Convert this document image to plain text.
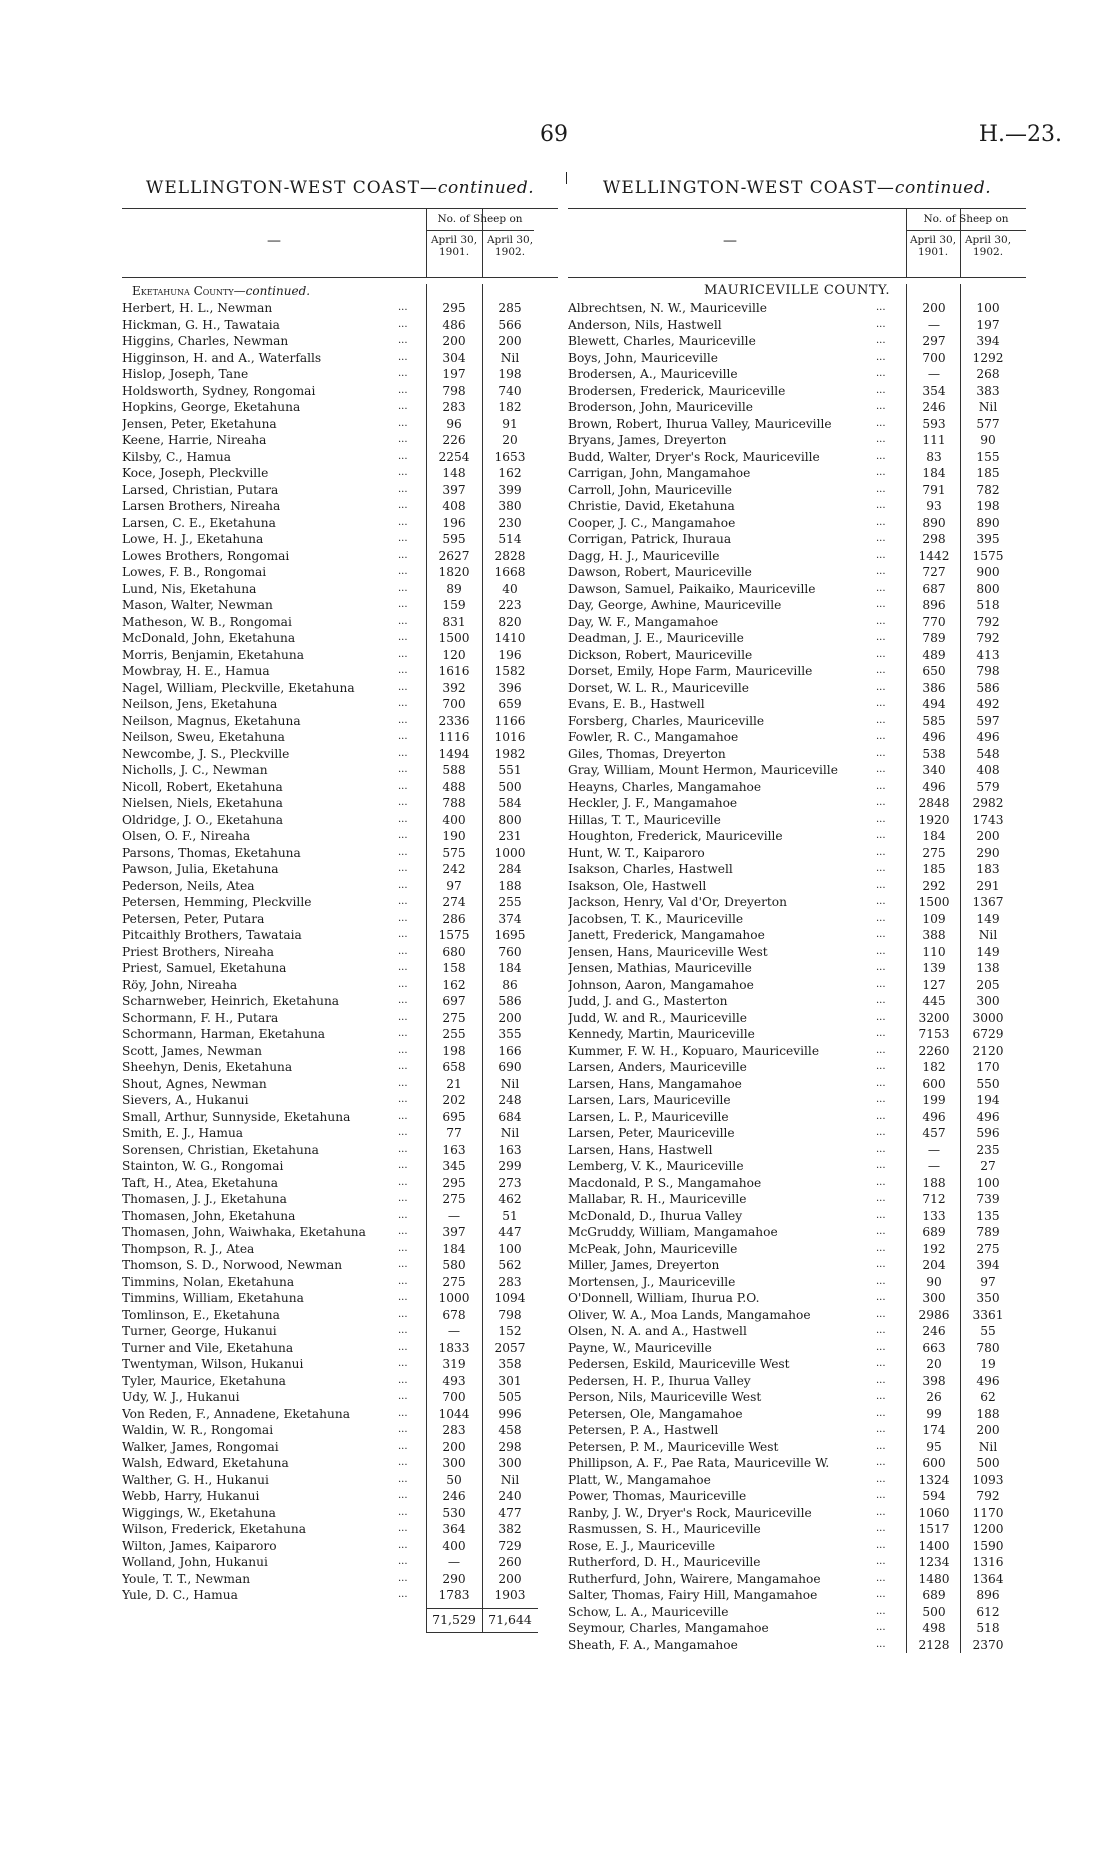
69	H.—23.
WELLINGTON-WEST COAST—continued.
—
No. of Sheep on
April 30,
1901.
April 30,
1902.
Eketahuna County—continued.
Herbert, H. L., Newman	...	295	285
Hickman, G. H., Tawataia	...	486	566
Higgins, Charles, Newman	...	200	200
Higginson, H. and A., Waterfalls	...	304	Nil
Hislop, Joseph, Tane	...	197	198
Holdsworth, Sydney, Rongomai	...	798	740
Hopkins, George, Eketahuna	...	283	182
Jensen, Peter, Eketahuna	...	96	91
Keene, Harrie, Nireaha	...	226	20
Kilsby, C., Hamua	...	2254	1653
Koce, Joseph, Pleckville	...	148	162
Larsed, Christian, Putara	...	397	399
Larsen Brothers, Nireaha	...	408	380
Larsen, C. E., Eketahuna	...	196	230
Lowe, H. J., Eketahuna	...	595	514
Lowes Brothers, Rongomai	...	2627	2828
Lowes, F. B., Rongomai	...	1820	1668
Lund, Nis, Eketahuna	...	89	40
Mason, Walter, Newman	...	159	223
Matheson, W. B., Rongomai	...	831	820
McDonald, John, Eketahuna	...	1500	1410
Morris, Benjamin, Eketahuna	...	120	196
Mowbray, H. E., Hamua	...	1616	1582
Nagel, William, Pleckville, Eketahuna	...	392	396
Neilson, Jens, Eketahuna	...	700	659
Neilson, Magnus, Eketahuna	...	2336	1166
Neilson, Sweu, Eketahuna	...	1116	1016
Newcombe, J. S., Pleckville	...	1494	1982
Nicholls, J. C., Newman	...	588	551
Nicoll, Robert, Eketahuna	...	488	500
Nielsen, Niels, Eketahuna	...	788	584
Oldridge, J. O., Eketahuna	...	400	800
Olsen, O. F., Nireaha	...	190	231
Parsons, Thomas, Eketahuna	...	575	1000
Pawson, Julia, Eketahuna	...	242	284
Pederson, Neils, Atea	...	97	188
Petersen, Hemming, Pleckville	...	274	255
Petersen, Peter, Putara	...	286	374
Pitcaithly Brothers, Tawataia	...	1575	1695
Priest Brothers, Nireaha	...	680	760
Priest, Samuel, Eketahuna	...	158	184
Röy, John, Nireaha	...	162	86
Scharnweber, Heinrich, Eketahuna	...	697	586
Schormann, F. H., Putara	...	275	200
Schormann, Harman, Eketahuna	...	255	355
Scott, James, Newman	...	198	166
Sheehyn, Denis, Eketahuna	...	658	690
Shout, Agnes, Newman	...	21	Nil
Sievers, A., Hukanui	...	202	248
Small, Arthur, Sunnyside, Eketahuna	...	695	684
Smith, E. J., Hamua	...	77	Nil
Sorensen, Christian, Eketahuna	...	163	163
Stainton, W. G., Rongomai	...	345	299
Taft, H., Atea, Eketahuna	...	295	273
Thomasen, J. J., Eketahuna	...	275	462
Thomasen, John, Eketahuna	...	—	51
Thomasen, John, Waiwhaka, Eketahuna	...	397	447
Thompson, R. J., Atea	...	184	100
Thomson, S. D., Norwood, Newman	...	580	562
Timmins, Nolan, Eketahuna	...	275	283
Timmins, William, Eketahuna	...	1000	1094
Tomlinson, E., Eketahuna	...	678	798
Turner, George, Hukanui	...	—	152
Turner and Vile, Eketahuna	...	1833	2057
Twentyman, Wilson, Hukanui	...	319	358
Tyler, Maurice, Eketahuna	...	493	301
Udy, W. J., Hukanui	...	700	505
Von Reden, F., Annadene, Eketahuna	...	1044	996
Waldin, W. R., Rongomai	...	283	458
Walker, James, Rongomai	...	200	298
Walsh, Edward, Eketahuna	...	300	300
Walther, G. H., Hukanui	...	50	Nil
Webb, Harry, Hukanui	...	246	240
Wiggings, W., Eketahuna	...	530	477
Wilson, Frederick, Eketahuna	...	364	382
Wilton, James, Kaiparoro	...	400	729
Wolland, John, Hukanui	...	—	260
Youle, T. T., Newman	...	290	200
Yule, D. C., Hamua	...	1783	1903
71,529 71,644
WELLINGTON-WEST COAST—continued.
—
No. of Sheep on
April 30,
1901.
April 30,
1902.
MAURICEVILLE COUNTY.
Albrechtsen, N. W., Mauriceville	...	200	100
Anderson, Nils, Hastwell	...	—	197
Blewett, Charles, Mauriceville	...	297	394
Boys, John, Mauriceville	...	700	1292
Brodersen, A., Mauriceville	...	—	268
Brodersen, Frederick, Mauriceville	...	354	383
Broderson, John, Mauriceville	...	246	Nil
Brown, Robert, Ihurua Valley, Mauriceville	...	593	577
Bryans, James, Dreyerton	...	111	90
Budd, Walter, Dryer's Rock, Mauriceville	...	83	155
Carrigan, John, Mangamahoe	...	184	185
Carroll, John, Mauriceville	...	791	782
Christie, David, Eketahuna	...	93	198
Cooper, J. C., Mangamahoe	...	890	890
Corrigan, Patrick, Ihuraua	...	298	395
Dagg, H. J., Mauriceville	...	1442	1575
Dawson, Robert, Mauriceville	...	727	900
Dawson, Samuel, Paikaiko, Mauriceville	...	687	800
Day, George, Awhine, Mauriceville	...	896	518
Day, W. F., Mangamahoe	...	770	792
Deadman, J. E., Mauriceville	...	789	792
Dickson, Robert, Mauriceville	...	489	413
Dorset, Emily, Hope Farm, Mauriceville	...	650	798
Dorset, W. L. R., Mauriceville	...	386	586
Evans, E. B., Hastwell	...	494	492
Forsberg, Charles, Mauriceville	...	585	597
Fowler, R. C., Mangamahoe	...	496	496
Giles, Thomas, Dreyerton	...	538	548
Gray, William, Mount Hermon, Mauriceville	...	340	408
Heayns, Charles, Mangamahoe	...	496	579
Heckler, J. F., Mangamahoe	...	2848	2982
Hillas, T. T., Mauriceville	...	1920	1743
Houghton, Frederick, Mauriceville	...	184	200
Hunt, W. T., Kaiparoro	...	275	290
Isakson, Charles, Hastwell	...	185	183
Isakson, Ole, Hastwell	...	292	291
Jackson, Henry, Val d'Or, Dreyerton	...	1500	1367
Jacobsen, T. K., Mauriceville	...	109	149
Janett, Frederick, Mangamahoe	...	388	Nil
Jensen, Hans, Mauriceville West	...	110	149
Jensen, Mathias, Mauriceville	...	139	138
Johnson, Aaron, Mangamahoe	...	127	205
Judd, J. and G., Masterton	...	445	300
Judd, W. and R., Mauriceville	...	3200	3000
Kennedy, Martin, Mauriceville	...	7153	6729
Kummer, F. W. H., Kopuaro, Mauriceville	...	2260	2120
Larsen, Anders, Mauriceville	...	182	170
Larsen, Hans, Mangamahoe	...	600	550
Larsen, Lars, Mauriceville	...	199	194
Larsen, L. P., Mauriceville	...	496	496
Larsen, Peter, Mauriceville	...	457	596
Larsen, Hans, Hastwell	...	—	235
Lemberg, V. K., Mauriceville	...	—	27
Macdonald, P. S., Mangamahoe	...	188	100
Mallabar, R. H., Mauriceville	...	712	739
McDonald, D., Ihurua Valley	...	133	135
McGruddy, William, Mangamahoe	...	689	789
McPeak, John, Mauriceville	...	192	275
Miller, James, Dreyerton	...	204	394
Mortensen, J., Mauriceville	...	90	97
O'Donnell, William, Ihurua P.O.	...	300	350
Oliver, W. A., Moa Lands, Mangamahoe	...	2986	3361
Olsen, N. A. and A., Hastwell	...	246	55
Payne, W., Mauriceville	...	663	780
Pedersen, Eskild, Mauriceville West	...	20	19
Pedersen, H. P., Ihurua Valley	...	398	496
Person, Nils, Mauriceville West	...	26	62
Petersen, Ole, Mangamahoe	...	99	188
Petersen, P. A., Hastwell	...	174	200
Petersen, P. M., Mauriceville West	...	95	Nil
Phillipson, A. F., Pae Rata, Mauriceville W.	...	600	500
Platt, W., Mangamahoe	...	1324	1093
Power, Thomas, Mauriceville	...	594	792
Ranby, J. W., Dryer's Rock, Mauriceville	...	1060	1170
Rasmussen, S. H., Mauriceville	...	1517	1200
Rose, E. J., Mauriceville	...	1400	1590
Rutherford, D. H., Mauriceville	...	1234	1316
Rutherfurd, John, Wairere, Mangamahoe	...	1480	1364
Salter, Thomas, Fairy Hill, Mangamahoe	...	689	896
Schow, L. A., Mauriceville	...	500	612
Seymour, Charles, Mangamahoe	...	498	518
Sheath, F. A., Mangamahoe	...	2128	2370
